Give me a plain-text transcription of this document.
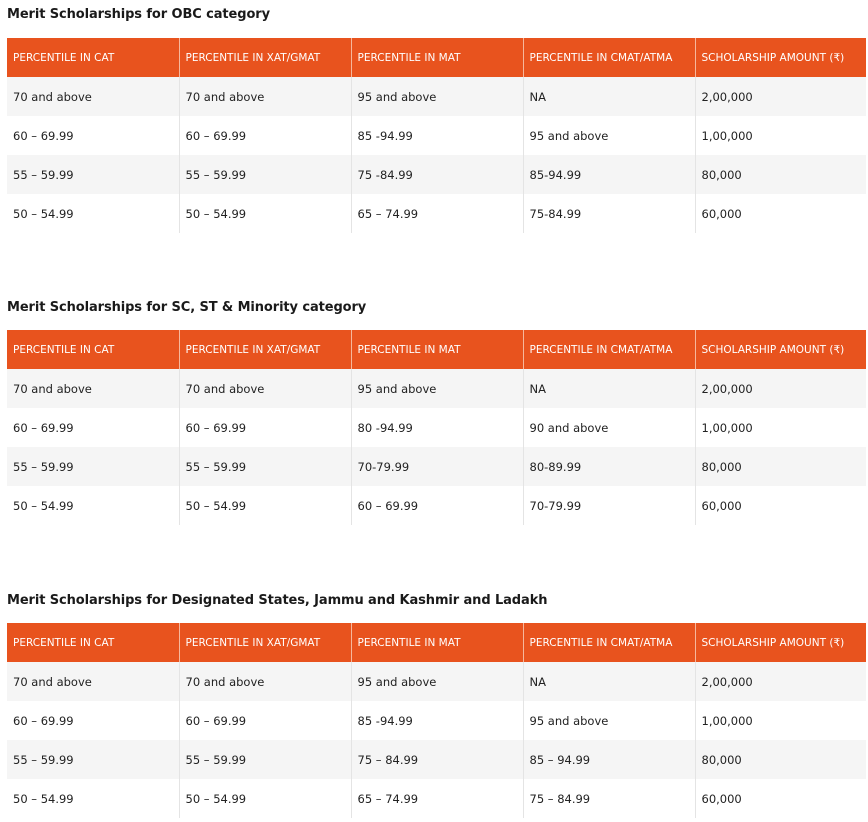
Merit Scholarships for OBC category
PERCENTILE IN CAT	PERCENTILE IN XAT/GMAT	PERCENTILE IN MAT	PERCENTILE IN CMAT/ATMA	SCHOLARSHIP AMOUNT (₹)
70 and above	70 and above	95 and above	NA	2,00,000
60 – 69.99	60 – 69.99	85 -94.99	95 and above	1,00,000
55 – 59.99	55 – 59.99	75 -84.99	85-94.99	80,000
50 – 54.99	50 – 54.99	65 – 74.99	75-84.99	60,000
Merit Scholarships for SC, ST & Minority category
PERCENTILE IN CAT	PERCENTILE IN XAT/GMAT	PERCENTILE IN MAT	PERCENTILE IN CMAT/ATMA	SCHOLARSHIP AMOUNT (₹)
70 and above	70 and above	95 and above	NA	2,00,000
60 – 69.99	60 – 69.99	80 -94.99	90 and above	1,00,000
55 – 59.99	55 – 59.99	70-79.99	80-89.99	80,000
50 – 54.99	50 – 54.99	60 – 69.99	70-79.99	60,000
Merit Scholarships for Designated States, Jammu and Kashmir and Ladakh
PERCENTILE IN CAT	PERCENTILE IN XAT/GMAT	PERCENTILE IN MAT	PERCENTILE IN CMAT/ATMA	SCHOLARSHIP AMOUNT (₹)
70 and above	70 and above	95 and above	NA	2,00,000
60 – 69.99	60 – 69.99	85 -94.99	95 and above	1,00,000
55 – 59.99	55 – 59.99	75 – 84.99	85 – 94.99	80,000
50 – 54.99	50 – 54.99	65 – 74.99	75 – 84.99	60,000
